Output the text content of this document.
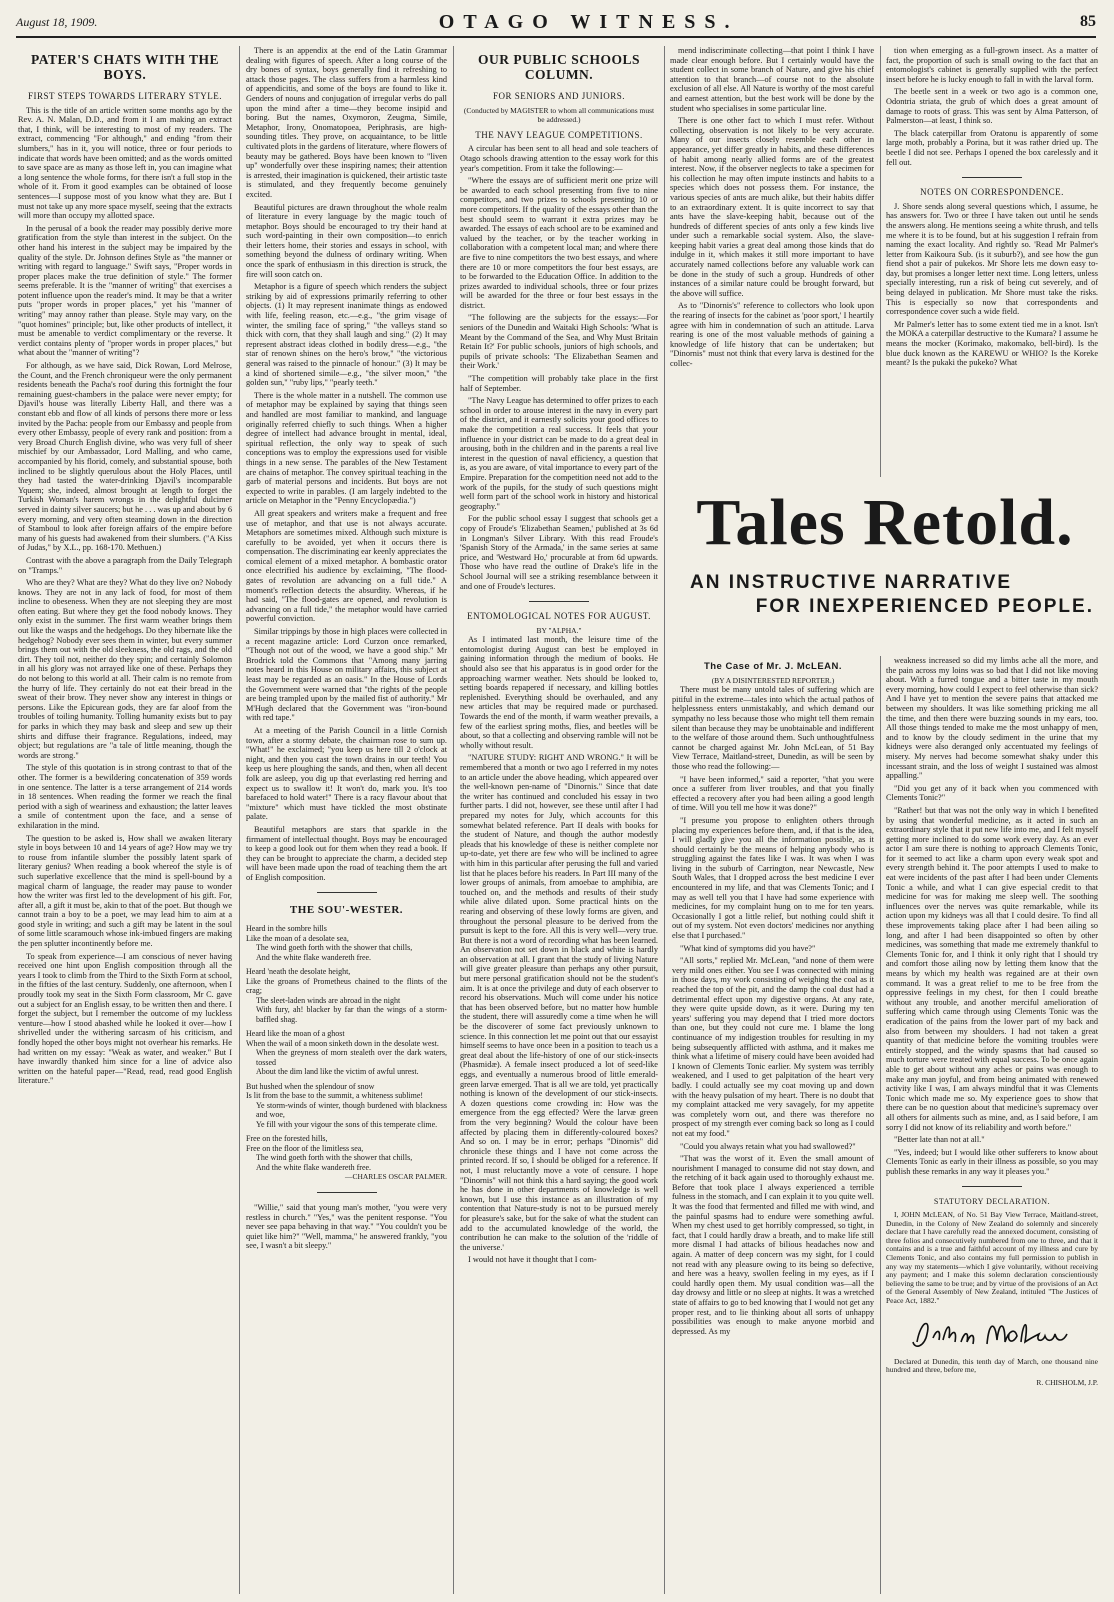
August 18, 1909.	OTAGO WITNESS.	85
PATER'S CHATS WITH THE BOYS.
FIRST STEPS TOWARDS LITERARY STYLE.

This is the title of an article written some months ago by the Rev. A. N. Malan, D.D., and from it I am making an extract that, I think, will be interesting to most of my readers. The extract, commencing "For although," and ending "from their slumbers," has in it, you will notice, three or four periods to indicate that words have been omitted; and as the words omitted to save space are as many as those left in, you can imagine what a long sentence the whole forms, for there isn't a full stop in the whole of it. From it good examples can be obtained of loose sentences—I suppose most of you know what they are. But I must not take up any more space myself, seeing that the extracts will more than occupy my allotted space.

In the perusal of a book the reader may possibly derive more gratification from the style than interest in the subject. On the other hand his interest in the subject may be impaired by the quality of the style. Dr. Johnson defines Style as "the manner or writing with regard to language." Swift says, "Proper words in proper places make the true definition of style." The former seems preferable. It is the "manner of writing" that exercises a potent influence upon the reader's mind. It may be that a writer puts "proper words in proper places," yet his "manner of writing" may annoy rather than please. Style may vary, on the "quot homines" principle; but, like other products of intellect, it must be amenable to verdict complimentary or the reverse. It verdict contains plenty of "proper words in proper places," but what about the "manner of writing"?

For although, as we have said, Dick Rowan, Lord Melrose, the Count, and the French chroniqueur were the only permanent residents beneath the Pacha's roof during this fortnight the four remaining guest-chambers in the palace were never empty; for Djavil's house was literally Liberty Hall, and there was a constant ebb and flow of all kinds of persons there more or less invited by the Pacha: people from our Embassy and people from every other Embassy, people of every rank and position: from a very Broad Church English divine, who was very full of sheer mischief by our Ambassador, Lord Malling, and who came, accompanied by his florid, comely, and substantial spouse, both inclined to be slightly querulous about the Holy Places, until they had tasted the water-drinking Djavil's incomparable Yquem; she, indeed, almost brought at length to forget the Turkish Woman's harem wrongs in the delightful dulcimer served in dainty silver saucers; but he . . . was up and about by 6 every morning, and very often steaming down in the direction of Stamboul to look after foreign affairs of the empire before many of his guests had awakened from their slumbers. ("A Kiss of Judas," by X.L., pp. 168-170. Methuen.)

Contrast with the above a paragraph from the Daily Telegraph on "Tramps."

Who are they? What are they? What do they live on? Nobody knows. They are not in any lack of food, for most of them incline to obeseness. When they are not sleeping they are most often eating. But where they get the food nobody knows. They only exist in the summer. The first warm weather brings them out like the wasps and the hedgehogs. Do they hibernate like the hedgehog? Nobody ever sees them in winter, but every summer brings them out with the old sleekness, the old rags, and the old dirt. They toil not, neither do they spin; and certainly Solomon in all his glory was not arrayed like one of these. Perhaps they do not belong to this world at all. Their calm is no remote from the hurry of life. They certainly do not eat their bread in the sweat of their brow. They never show any interest in things or persons. Like the Epicurean gods, they are far aloof from the troubles of toiling humanity. Tolling humanity exists but to pay for parks in which they may bask and sleep and sew up their shirts and diffuse their fragrance. Regulations, indeed, may object; but regulations are "a tale of little meaning, though the words are strong."

The style of this quotation is in strong contrast to that of the other. The former is a bewildering concatenation of 359 words in one sentence. The latter is a terse arrangement of 214 words in 18 sentences. When reading the former we reach the final period with a sigh of weariness and exhaustion; the latter leaves a smile of contentment upon the face, and a sense of exhilaration in the mind.

The question to be asked is, How shall we awaken literary style in boys between 10 and 14 years of age? How may we try to rouse from infantile slumber the possibly latent spark of literary genius? When reading a book whereof the style is of such superlative excellence that the mind is spell-bound by a magical charm of language, the reader may pause to wonder how the writer was first led to the development of his gift. For, after all, a gift it must be, akin to that of the poet. But though we cannot train a boy to be a poet, we may lead him to aim at a good style in writing; and such a gift may be latent in the soul of some little scaramouch whose ink-imbued fingers are making the pen splutter incontinently before me.

To speak from experience—I am conscious of never having received one hint upon English composition through all the years I took to climb from the Third to the Sixth Form at school, in the fifties of the last century. Suddenly, one afternoon, when I proudly took my seat in the Sixth Form classroom, Mr C. gave out a subject for an English essay, to be written then and there. I forget the subject, but I remember the outcome of my luckless venture—how I stood abashed while he looked it over—how I shrivelled under the withering sarcasm of his criticism, and fondly hoped the other boys might not overhear his remarks. He had written on my essay: "Weak as water, and weaker." But I have inwardly thanked him since for a line of advice also written on the hateful paper—"Read, read, read good English literature."

There is an appendix at the end of the Latin Grammar dealing with figures of speech. After a long course of the dry bones of syntax, boys generally find it refreshing to attack those pages. The class suffers from a harmless kind of appendicitis, and some of the boys are found to like it. Genders of nouns and conjugation of irregular verbs do pall upon the mind after a time—they become insipid and boring. But the names, Oxymoron, Zeugma, Simile, Metaphor, Irony, Onomatopoea, Periphrasis, are high-sounding titles. They prove, on acquaintance, to be little cultivated plots in the gardens of literature, where flowers of beauty may be gathered. Boys have been known to "liven up" wonderfully over these inspiring names; their attention is arrested, their imagination is quickened, their artistic taste is stimulated, and they frequently become genuinely excited.

Beautiful pictures are drawn throughout the whole realm of literature in every language by the magic touch of metaphor. Boys should be encouraged to try their hand at such word-painting in their own composition—to enrich their letters home, their stories and essays in school, with something beyond the dulness of ordinary writing. When once the spark of enthusiasm in this direction is struck, the fire will soon catch on.

Metaphor is a figure of speech which renders the subject striking by aid of expressions primarily referring to other objects. (1) It may represent inanimate things as endowed with life, feeling reason, etc.—e.g., "the grim visage of winter, the smiling face of spring," "the valleys stand so thick with corn, that they shall laugh and sing." (2) It may represent abstract ideas clothed in bodily dress—e.g., "the star of renown shines on the hero's brow," "the victorious general was raised to the pinnacle of honour." (3) It may be a kind of shortened simile—e.g., "the silver moon," "the golden sun," "ruby lips," "pearly teeth."

There is the whole matter in a nutshell. The common use of metaphor may be explained by saying that things seen and handled are most familiar to mankind, and language originally referred chiefly to such things. When a higher degree of intellect had advance brought in mental, ideal, spiritual reflection, the only way to speak of such conceptions was to employ the expressions used for visible things in a new sense. The parables of the New Testament are chains of metaphor. The convey spiritual teaching in the garb of material persons and incidents. But boys are not expected to write in parables. (I am largely indebted to the article on Metaphor in the "Penny Encyclopædia.")

All great speakers and writers make a frequent and free use of metaphor, and that use is not always accurate. Metaphors are sometimes mixed. Although such mixture is carefully to be avoided, yet when it occurs there is compensation. The discriminating ear keenly appreciates the comical element of a mixed metaphor. A bombastic orator once electrified his audience by exclaiming, "The flood-gates of revolution are advancing on a full tide." A moment's reflection detects the absurdity. Whereas, if he had said, "The flood-gates are opened, and revolution is advancing on a full tide," the metaphor would have carried powerful conviction.

Similar trippings by those in high places were collected in a recent magazine article: Lord Curzon once remarked, "Though not out of the wood, we have a good ship." Mr Brodrick told the Commons that "Among many jarring notes heard in this House on military affairs, this subject at least may be regarded as an oasis." In the House of Lords the Government were warned that "the rights of the people are being trampled upon by the mailed fist of authority." Mr M'Hugh declared that the Government was "iron-bound with red tape."

At a meeting of the Parish Council in a little Cornish town, after a stormy debate, the chairman rose to sum up. "What!" he exclaimed; "you keep us here till 2 o'clock at night, and then you cast the town drains in our teeth! You keep us here ploughing the sands, and then, when all decent folk are asleep, you dig up that everlasting red herring and expect us to swallow it! It won't do, mark you. It's too barefaced to hold water!" There is a racy flavour about that "mixture" which must have tickled the most obstinate palate.

Beautiful metaphors are stars that sparkle in the firmament of intellectual thought. Boys may be encouraged to keep a good look out for them when they read a book. If they can be brought to appreciate the charm, a decided step will have been made upon the road of teaching them the art of English composition.

THE SOU'-WESTER.
Heard in the sombre hills
Like the moan of a desolate sea,
The wind goeth forth with the shower that chills,
And the white flake wandereth free.
Heard 'neath the desolate height,
Like the groans of Prometheus chained to the flints of the crag;
The sleet-laden winds are abroad in the night
With fury, ah! blacker by far than the wings of a storm-baffled shag.
Heard like the moan of a ghost
When the wail of a moon sinketh down in the desolate west.
When the greyness of morn stealeth over the dark waters, tossed
About the dim land like the victim of awful unrest.
But hushed when the splendour of snow
Is lit from the base to the summit, a whiteness sublime!
Ye storm-winds of winter, though burdened with blackness and woe,
Ye fill with your vigour the sons of this temperate clime.
Free on the forested hills,
Free on the floor of the limitless sea,
The wind goeth forth with the shower that chills,
And the white flake wandereth free.
—CHARLES OSCAR PALMER.

"Willie," said that young man's mother, "you were very restless in church." "Yes," was the penitent response. "You never see papa behaving in that way." "You couldn't you be quiet like him?" "Well, mamma," he answered frankly, "you see, I wasn't a bit sleepy."

OUR PUBLIC SCHOOLS COLUMN.
FOR SENIORS AND JUNIORS.
(Conducted by MAGISTER to whom all communications must be addressed.)
THE NAVY LEAGUE COMPETITIONS.

A circular has been sent to all head and sole teachers of Otago schools drawing attention to the essay work for this year's competition. From it take the following:—

"Where the essays are of sufficient merit one prize will be awarded to each school presenting from five to nine competitors, and two prizes to schools presenting 10 or more competitors. If the quality of the essays other than the best should seem to warrant it extra prizes may be awarded. The essays of each school are to be examined and valued by the teacher, or by the teacher working in collaboration with a competent local man; and where there are five to nine competitors the two best essays, and where there are 10 or more competitors the four best essays, are to be forwarded to the Education Office. In addition to the prizes awarded to individual schools, three or four prizes will be awarded for the three or four best essays in the district.

"The following are the subjects for the essays:—For seniors of the Dunedin and Waitaki High Schools: 'What is Meant by the Command of the Sea, and Why Must Britain Retain It?' For public schools, juniors of high schools, and pupils of private schools: 'The Elizabethan Seamen and their Work.'

"The competition will probably take place in the first half of September.

"The Navy League has determined to offer prizes to each school in order to arouse interest in the navy in every part of the district, and it earnestly solicits your good offices to make the competition a real success. It feels that your influence in your district can be made to do a great deal in arousing, both in the children and in the parents a real live interest in the question of naval efficiency, a question that is, as you are aware, of vital importance to every part of the Empire. Preparation for the competition need not add to the work of the pupils, for the study of such questions might well form part of the school work in history and historical geography."

For the public school essay I suggest that schools get a copy of Froude's 'Elizabethan Seamen,' published at 3s 6d in Longman's Silver Library. With this read Froude's 'Spanish Story of the Armada,' in the same series at same price, and 'Westward Ho,' procurable at from 6d upwards. Those who have read the outline of Drake's life in the School Journal will see a striking resemblance between it and one of Froude's lectures.

ENTOMOLOGICAL NOTES FOR AUGUST.
BY "ALPHA."

As I intimated last month, the leisure time of the entomologist during August can best be employed in gaining information through the medium of books. He should also see that his apparatus is in good order for the approaching warmer weather. Nets should be looked to, setting boards repapered if necessary, and killing bottles replenished. Everything should be overhauled, and any new articles that may be required made or purchased. Towards the end of the month, if warm weather prevails, a few of the earliest spring moths, flies, and beetles will be about, so that a collecting and observing ramble will not be wholly without result.

"NATURE STUDY: RIGHT AND WRONG." It will be remembered that a month or two ago I referred in my notes to an article under the above heading, which appeared over the well-known pen-name of "Dinornis." Since that date the writer has continued and concluded his essay in two further parts. I did not, however, see these until after I had prepared my notes for July, which accounts for this somewhat belated reference. Part II deals with books for the student of Nature, and though the author modestly pleads that his knowledge of these is neither complete nor up-to-date, yet there are few who will be inclined to agree with him in this particular after perusing the full and varied list that he places before his readers. In Part III many of the lower groups of animals, from amoebae to amphibia, are touched on, and the methods and results of their study while alive dilated upon. Some practical hints on the rearing and observing of these lowly forms are given, and throughout the personal pleasure to be derived from the pursuit is kept to the fore. All this is very well—very true. But there is not a word of recording what has been learned. An observation not set down in black and white is hardly an observation at all. I grant that the study of living Nature will give greater pleasure than perhaps any other pursuit, but mere personal gratification should not be the student's aim. It is at once the privilege and duty of each observer to record his observations. Much will come under his notice that has been observed before, but no matter how humble the student, there will assuredly come a time when he will be the discoverer of some fact previously unknown to science. In this connection let me point out that our essayist himself seems to have once been in a position to teach us a great deal about the life-history of one of our stick-insects (Phasmidæ). A female insect produced a lot of seed-like eggs, and eventually a numerous brood of little emerald-green larvæ emerged. That is all we are told, yet practically nothing is known of the development of our stick-insects. A dozen questions come crowding in: How was the emergence from the egg effected? Were the larvæ green from the very beginning? Would the colour have been affected by placing them in differently-coloured boxes? And so on. I may be in error; perhaps "Dinornis" did chronicle these things and I have not come across the printed record. If so, I should be obliged for a reference. If not, I must reluctantly move a vote of censure. I hope "Dinornis" will not think this a hard saying; the good work he has done in other departments of knowledge is well known, but I use this instance as an illustration of my contention that Nature-study is not to be pursued merely for pleasure's sake, but for the sake of what the student can add to the accumulated knowledge of the world, the contribution he can make to the solution of the 'riddle of the universe.'

I would not have it thought that I com-

mend indiscriminate collecting—that point I think I have made clear enough before. But I certainly would have the student collect in some branch of Nature, and give his chief attention to that branch—of course not to the absolute exclusion of all else. All Nature is worthy of the most careful and earnest attention, but the best work will be done by the student who specialises in some particular line.

There is one other fact to which I must refer. Without collecting, observation is not likely to be very accurate. Many of our insects closely resemble each other in appearance, yet differ greatly in habits, and these differences of habit among nearly allied forms are of the greatest interest. Now, if the observer neglects to take a specimen for his collection he may often impute instincts and habits to a species which does not possess them. For instance, the various species of ants are much alike, but their habits differ to an extraordinary extent. It is quite incorrect to say that ants have the slave-keeping habit, because out of the hundreds of different species of ants only a few kinds live under such a remarkable social system. Also, the slave-keeping habit varies a great deal among those kinds that do indulge in it, which makes it still more important to have accurately named collections before any valuable work can be done in the study of such a group. Hundreds of other instances of a similar nature could be brought forward, but the above will suffice.

As to "Dinornis's" reference to collectors who look upon the rearing of insects for the cabinet as 'poor sport,' I heartily agree with him in condemnation of such an attitude. Larva rearing is one of the most valuable methods of gaining a knowledge of life history that can be undertaken; but "Dinornis" must not think that every larva is destined for the collec-

tion when emerging as a full-grown insect. As a matter of fact, the proportion of such is small owing to the fact that an entomologist's cabinet is generally supplied with the perfect insect before he is lucky enough to fall in with the larval form.

The beetle sent in a week or two ago is a common one, Odontria striata, the grub of which does a great amount of damage to roots of grass. This was sent by Alma Patterson, of Palmerston—at least, I think so.

The black caterpillar from Oratonu is apparently of some large moth, probably a Porina, but it was rather dried up. The beetle I did not see. Perhaps I opened the box carelessly and it fell out.

NOTES ON CORRESPONDENCE.

J. Shore sends along several questions which, I assume, he has answers for. Two or three I have taken out until he sends the answers along. He mentions seeing a white thrush, and tells me where it is to be found, but at his suggestion I refrain from naming the exact locality. And rightly so. 'Read Mr Palmer's letter from Kaikoura Sub. (is it suburb?), and see how the gun fiend shot a pair of pukekos. Mr Shore lets me down easy to-day, but promises a longer letter next time. Long letters, unless specially interesting, run a risk of being cut severely, and of being delayed in publication. Mr Shore must take the risks. This is especially so now that correspondents and correspondence cover such a wide field.

Mr Palmer's letter has to some extent tied me in a knot. Isn't the MOKA a caterpillar destructive to the Kumara? I assume he means the mocker (Korimako, makomako, bell-bird). Is the blue duck known as the KAREWU or WHIO? Is the Koreke meant? Is the pukaki the pukeko? What

Tales Retold.
AN INSTRUCTIVE NARRATIVE
FOR INEXPERIENCED PEOPLE.
The Case of Mr. J. McLEAN.
(BY A DISINTERESTED REPORTER.)

There must be many untold tales of suffering which are pitiful in the extreme—tales into which the actual pathos of helplessness enters unmistakably, and which demand our sympathy no less because those who might tell them remain silent than because they may be unobtainable and indifferent to the welfare of those around them. Such unthoughtfulness cannot be charged against Mr. John McLean, of 51 Bay View Terrace, Maitland-street, Dunedin, as will be seen by those who read the following:—

"I have been informed," said a reporter, "that you were once a sufferer from liver troubles, and that you finally effected a recovery after you had been ailing a good length of time. Will you tell me how it was done?"

"I presume you propose to enlighten others through placing my experiences before them, and, if that is the idea, I will gladly give you all the information possible, as it should certainly be the means of helping anybody who is struggling against the fates like I was. It was when I was living in the suburb of Carrington, near Newcastle, New South Wales, that I dropped across the best medicine I ever encountered in my life, and that was Clements Tonic; and I may as well tell you that I have had some experience with medicines, for my complaint hung on to me for ten years. Occasionally I got a little relief, but nothing could shift it out of my system. Not even doctors' medicines nor anything else that I purchased."

"What kind of symptoms did you have?"

"All sorts," replied Mr. McLean, "and none of them were very mild ones either. You see I was connected with mining in those days, my work consisting of weighing the coal as it reached the top of the pit, and the damp the coal dust had a detrimental effect upon my digestive organs. At any rate, they were quite upside down, as it were. During my ten years' suffering you may depend that I tried more doctors than one, but they could not cure me. I blame the long continuance of my indigestion troubles for resulting in my being subsequently afflicted with asthma, and it makes me think what a lifetime of misery could have been avoided had I known of Clements Tonic earlier. My system was terribly weakened, and I used to get palpitation of the heart very badly. I could actually see my coat moving up and down with the heavy pulsation of my heart. There is no doubt that my complaint attacked me very savagely, for my appetite was completely worn out, and there was therefore no prospect of my strength ever coming back so long as I could not eat my food."

"Could you always retain what you had swallowed?"

"That was the worst of it. Even the small amount of nourishment I managed to consume did not stay down, and the retching of it back again used to thoroughly exhaust me. Before that took place I always experienced a terrible fulness in the stomach, and I can explain it to you quite well. It was the food that fermented and filled me with wind, and the painful spasms had to endure were something awful. When my chest used to get horribly compressed, so tight, in fact, that I could hardly draw a breath, and to make life still more dismal I had attacks of bilious headaches now and again. A matter of deep concern was my sight, for I could not read with any pleasure owing to its being so defective, and here was a heavy, swollen feeling in my eyes, as if I could hardly open them. My usual condition was—all the day drowsy and little or no sleep at nights. It was a wretched state of affairs to go to bed knowing that I would not get any proper rest, and to lie thinking about all sorts of unhappy possibilities was enough to make anyone morbid and depressed. As my

weakness increased so did my limbs ache all the more, and the pain across my loins was so bad that I did not like moving about. With a furred tongue and a bitter taste in my mouth every morning, how could I expect to feel otherwise than sick? And I have yet to mention the severe pains that attacked me between my shoulders. It was like something pricking me all the time, and then there were buzzing sounds in my ears, too. All those things tended to make me the most unhappy of men, and to know by the cloudy sediment in the urine that my kidneys were also deranged only accentuated my feelings of misery. My nerves had become somewhat shaky under this incessant strain, and the loss of weight I sustained was almost appalling."

"Did you get any of it back when you commenced with Clements Tonic?"

"Rather! but that was not the only way in which I benefited by using that wonderful medicine, as it acted in such an extraordinary style that it put new life into me, and I felt myself getting more inclined to do some work every day. As an ever actor I am sure there is nothing to approach Clements Tonic, for it seemed to act like a charm upon every weak spot and every strength behind it. The poor attempts I used to make to eat were incidents of the past after I had been under Clements Tonic a while, and what I can give especial credit to that medicine for was for making me sleep well. The soothing influences over the nerves was quite remarkable, while its action upon my kidneys was all that I could desire. To find all these improvements taking place after I had been ailing so long, and after I had been disappointed so often by other medicines, was something that made me extremely thankful to Clements Tonic for, and I think it only right that I should try and comfort those ailing now by letting them know that the means by which my health was regained are at their own command. It was a great relief to me to be free from the oppressive feelings in my chest, for then I could breathe without any trouble, and another merciful amelioration of suffering which came through using Clements Tonic was the eradication of the pains from the lower part of my back and also from between my shoulders. I had not taken a great quantity of that medicine before the vomiting troubles were entirely stopped, and the windy spasms that had caused so much torture were treated with equal success. To be once again able to get about without any aches or pains was enough to make any man joyful, and from being animated with renewed activity like I was, I am always mindful that it was Clements Tonic which made me so. My experience goes to show that there can be no question about that medicine's supremacy over all others for ailments such as mine, and, as I said before, I am sorry I did not know of its reliability and worth before."

"Better late than not at all."

"Yes, indeed; but I would like other sufferers to know about Clements Tonic as early in their illness as possible, so you may publish these remarks in any way it pleases you."

STATUTORY DECLARATION.

I, JOHN McLEAN, of No. 51 Bay View Terrace, Maitland-street, Dunedin, in the Colony of New Zealand do solemnly and sincerely declare that I have carefully read the annexed document, consisting of three folios and consecutively numbered from one to three, and that it contains and is a true and faithful account of my illness and cure by Clements Tonic, and also contains my full permission to publish in any way my statements—which I give voluntarily, without receiving any payment; and I make this solemn declaration conscientiously believing the same to be true; and by virtue of the provisions of an Act of the General Assembly of New Zealand, intituled "The Justices of Peace Act, 1882."

Declared at Dunedin, this tenth day of March, one thousand nine hundred and three, before me,

R. CHISHOLM, J.P.
